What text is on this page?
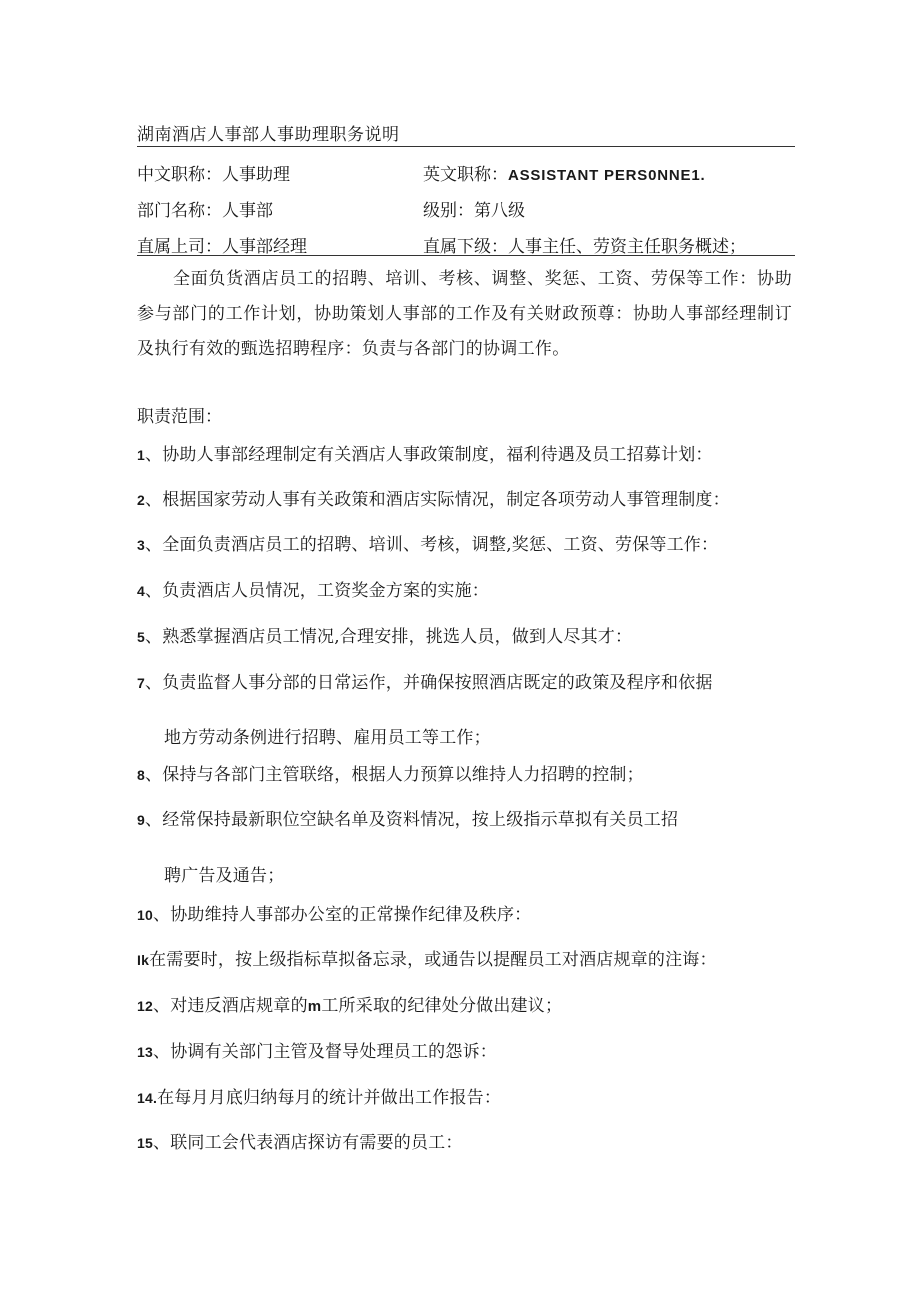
湖南酒店人事部人事助理职务说明
中文职称：人事助理	英文职称：ASSISTANT PERS0NNE1.
部门名称：人事部	级别：第八级
直属上司：人事部经理	直属下级：人事主任、劳资主任职务概述；
全面负货酒店员工的招聘、培训、考核、调整、奖惩、工资、劳保等工作：协助参与部门的工作计划，协助策划人事部的工作及有关财政预尊：协助人事部经理制订及执行有效的甄选招聘程序：负责与各部门的协调工作。
职责范围：
1、协助人事部经理制定有关酒店人事政策制度，福利待遇及员工招募计划：
2、根据国家劳动人事有关政策和酒店实际情况，制定各项劳动人事管理制度：
3、全面负责酒店员工的招聘、培训、考核，调整,奖惩、工资、劳保等工作：
4、负责酒店人员情况，工资奖金方案的实施：
5、熟悉掌握酒店员工情况,合理安排，挑选人员，做到人尽其才：
7、负责监督人事分部的日常运作，并确保按照酒店既定的政策及程序和依据
地方劳动条例进行招聘、雇用员工等工作；
8、保持与各部门主管联络，根据人力预算以维持人力招聘的控制；
9、经常保持最新职位空缺名单及资料情况，按上级指示草拟有关员工招
聘广告及通告；
10、协助维持人事部办公室的正常操作纪律及秩序：
Ik在需要时，按上级指标草拟备忘录，或通告以提醒员工对酒店规章的注诲：
12、对违反酒店规章的m工所采取的纪律处分做出建议；
13、协调有关部门主管及督导处理员工的怨诉：
14.在每月月底归纳每月的统计并做出工作报告：
15、联同工会代表酒店探访有需要的员工：
